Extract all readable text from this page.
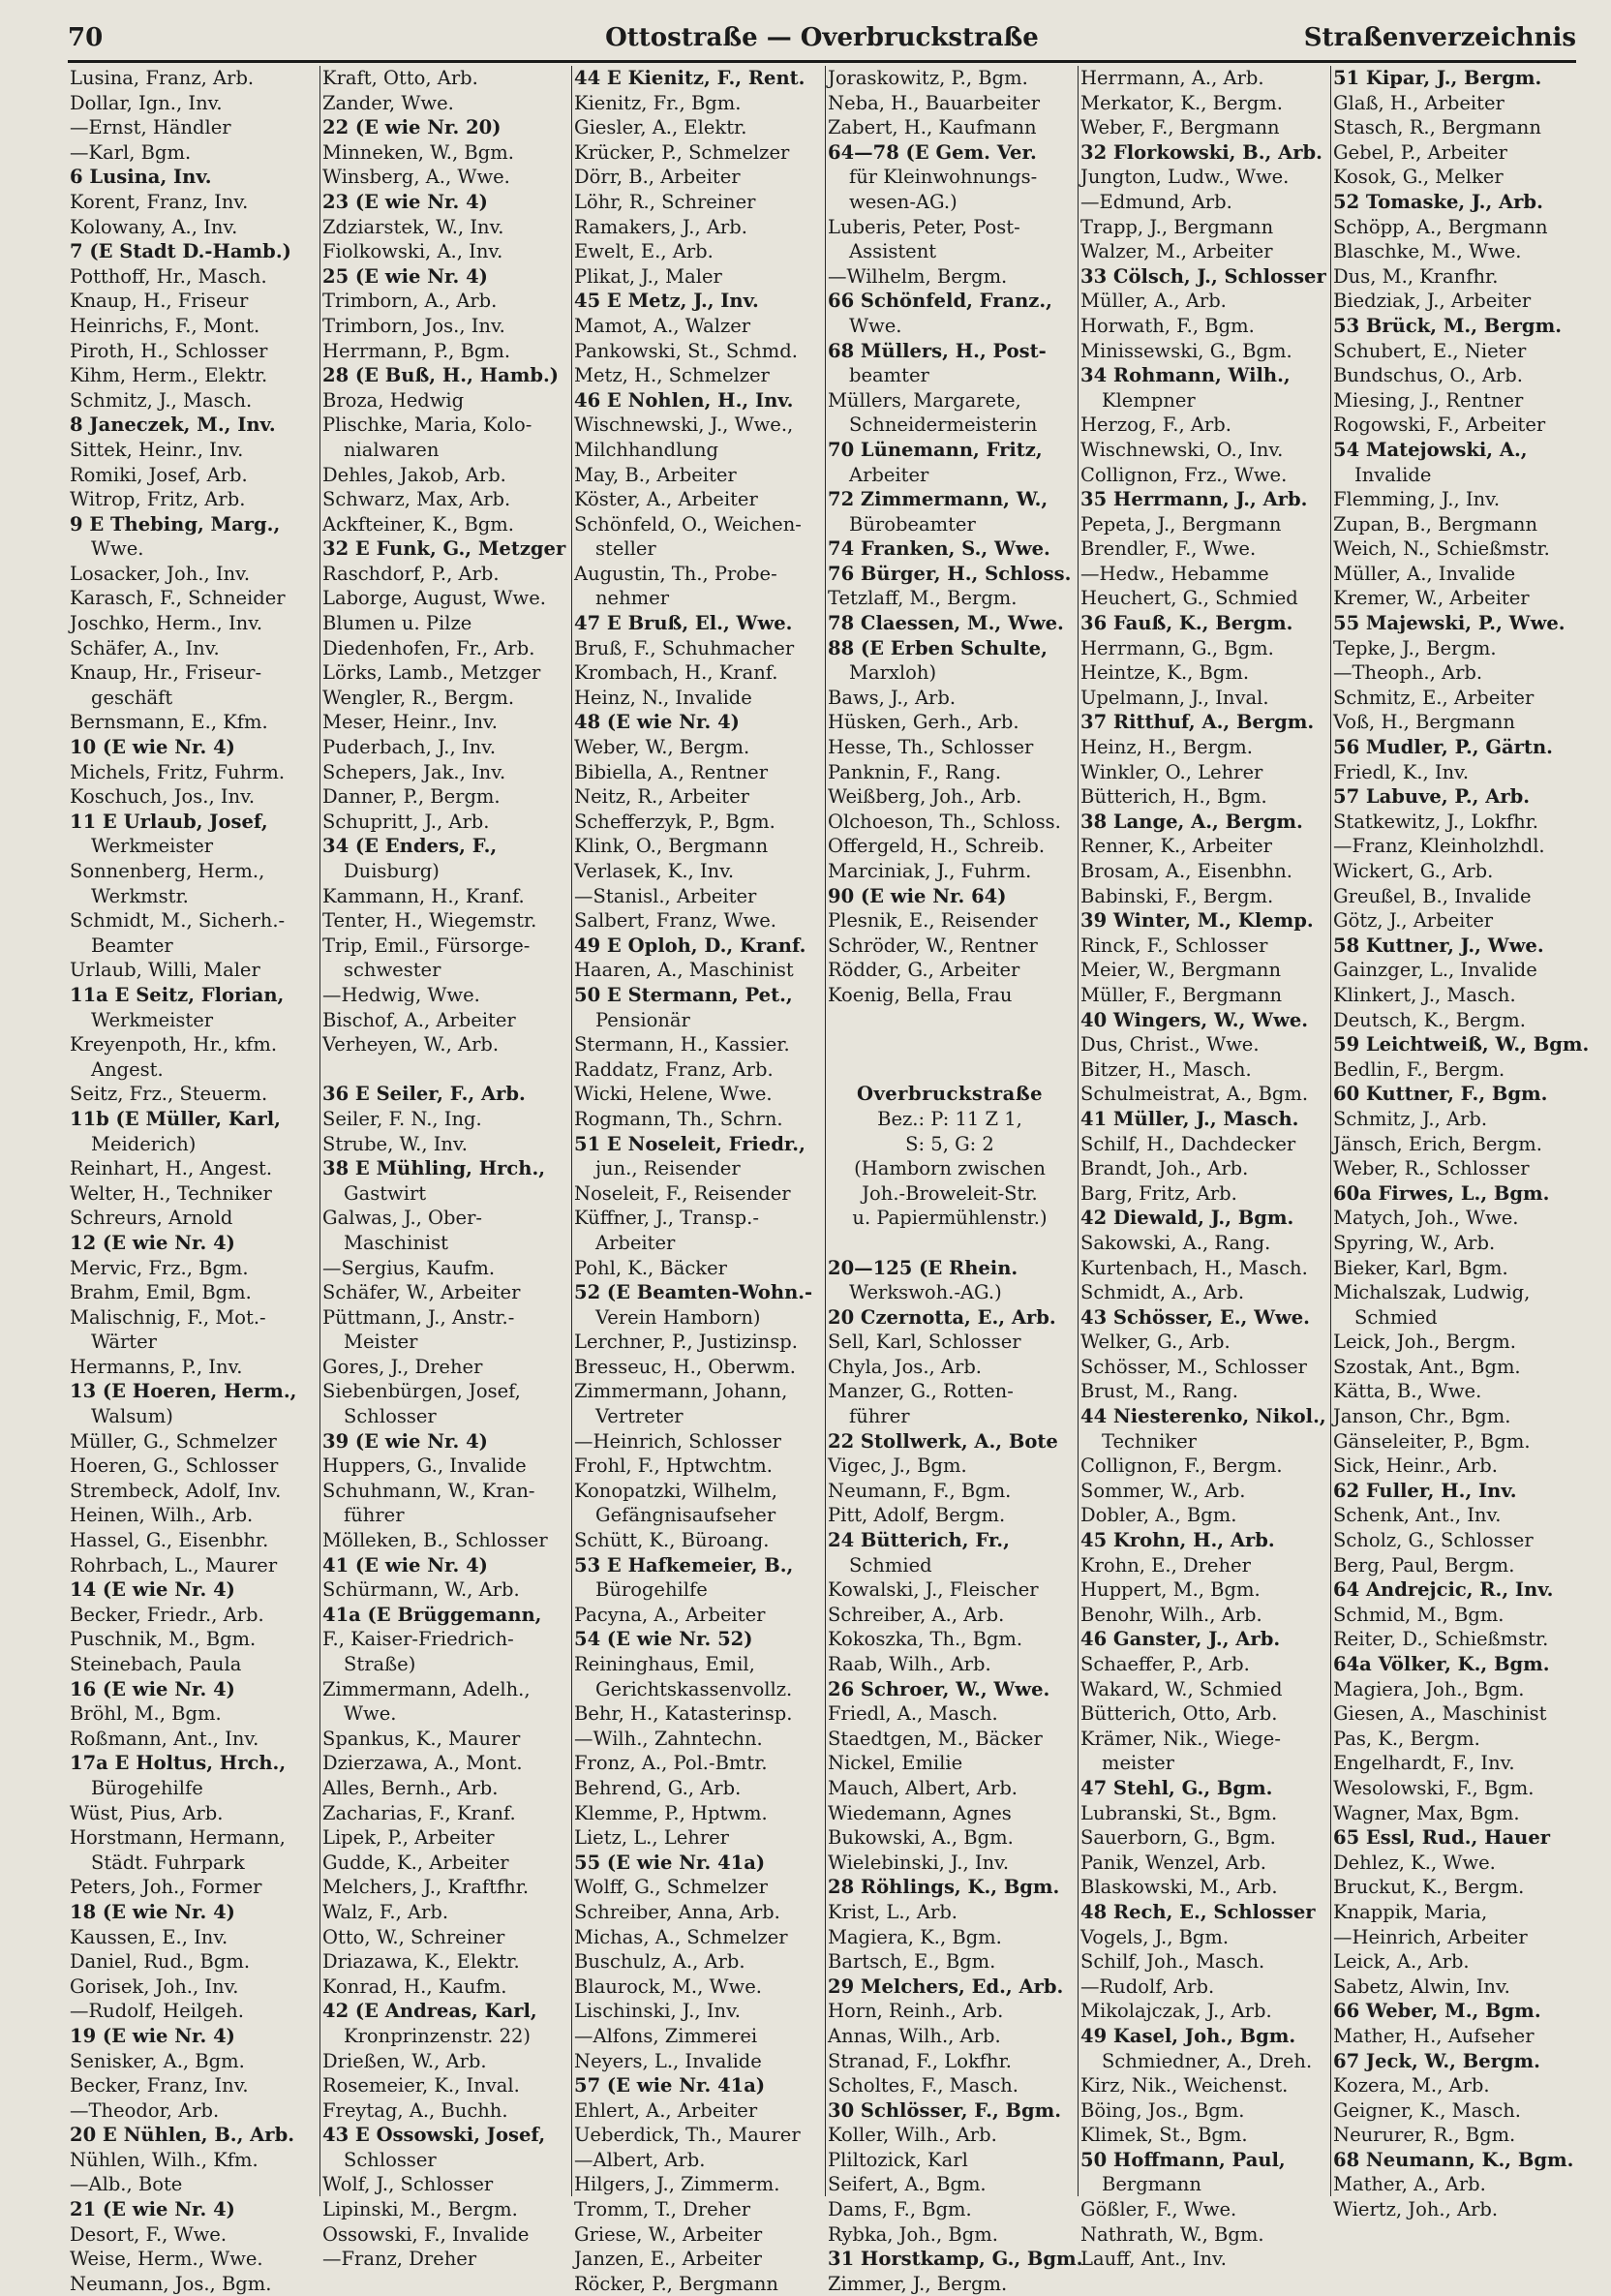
70	Ottostraße — Overbruckstraße	Straßenverzeichnis
Lusina, Franz, Arb.
Dollar, Ign., Inv.
—Ernst, Händler
—Karl, Bgm.
6 Lusina, Inv.
Korent, Franz, Inv.
Kolowany, A., Inv.
7 (E Stadt D.-Hamb.)
Potthoff, Hr., Masch.
Knaup, H., Friseur
Heinrichs, F., Mont.
Piroth, H., Schlosser
Kihm, Herm., Elektr.
Schmitz, J., Masch.
8 Janeczek, M., Inv.
Sittek, Heinr., Inv.
Romiki, Josef, Arb.
Witrop, Fritz, Arb.
9 E Thebing, Marg.,
Wwe.
Losacker, Joh., Inv.
Karasch, F., Schneider
Joschko, Herm., Inv.
Schäfer, A., Inv.
Knaup, Hr., Friseur-
geschäft
Bernsmann, E., Kfm.
10 (E wie Nr. 4)
Michels, Fritz, Fuhrm.
Koschuch, Jos., Inv.
11 E Urlaub, Josef,
Werkmeister
Sonnenberg, Herm.,
Werkmstr.
Schmidt, M., Sicherh.-
Beamter
Urlaub, Willi, Maler
11a E Seitz, Florian,
Werkmeister
Kreyenpoth, Hr., kfm.
Angest.
Seitz, Frz., Steuerm.
11b (E Müller, Karl,
Meiderich)
Reinhart, H., Angest.
Welter, H., Techniker
Schreurs, Arnold
12 (E wie Nr. 4)
Mervic, Frz., Bgm.
Brahm, Emil, Bgm.
Malischnig, F., Mot.-
Wärter
Hermanns, P., Inv.
13 (E Hoeren, Herm.,
Walsum)
Müller, G., Schmelzer
Hoeren, G., Schlosser
Strembeck, Adolf, Inv.
Heinen, Wilh., Arb.
Hassel, G., Eisenbhr.
Rohrbach, L., Maurer
14 (E wie Nr. 4)
Becker, Friedr., Arb.
Puschnik, M., Bgm.
Steinebach, Paula
16 (E wie Nr. 4)
Bröhl, M., Bgm.
Roßmann, Ant., Inv.
17a E Holtus, Hrch.,
Bürogehilfe
Wüst, Pius, Arb.
Horstmann, Hermann,
Städt. Fuhrpark
Peters, Joh., Former
18 (E wie Nr. 4)
Kaussen, E., Inv.
Daniel, Rud., Bgm.
Gorisek, Joh., Inv.
—Rudolf, Heilgeh.
19 (E wie Nr. 4)
Senisker, A., Bgm.
Becker, Franz, Inv.
—Theodor, Arb.
20 E Nühlen, B., Arb.
Nühlen, Wilh., Kfm.
—Alb., Bote
21 (E wie Nr. 4)
Desort, F., Wwe.
Weise, Herm., Wwe.
Neumann, Jos., Bgm.
Kraft, Otto, Arb.
Zander, Wwe.
22 (E wie Nr. 20)
Minneken, W., Bgm.
Winsberg, A., Wwe.
23 (E wie Nr. 4)
Zdziarstek, W., Inv.
Fiolkowski, A., Inv.
25 (E wie Nr. 4)
Trimborn, A., Arb.
Trimborn, Jos., Inv.
Herrmann, P., Bgm.
28 (E Buß, H., Hamb.)
Broza, Hedwig
Plischke, Maria, Kolo-
nialwaren
Dehles, Jakob, Arb.
Schwarz, Max, Arb.
Ackfteiner, K., Bgm.
32 E Funk, G., Metzger
Raschdorf, P., Arb.
Laborge, August, Wwe.
Blumen u. Pilze
Diedenhofen, Fr., Arb.
Lörks, Lamb., Metzger
Wengler, R., Bergm.
Meser, Heinr., Inv.
Puderbach, J., Inv.
Schepers, Jak., Inv.
Danner, P., Bergm.
Schupritt, J., Arb.
34 (E Enders, F.,
Duisburg)
Kammann, H., Kranf.
Tenter, H., Wiegemstr.
Trip, Emil., Fürsorge-
schwester
—Hedwig, Wwe.
Bischof, A., Arbeiter
Verheyen, W., Arb.
36 E Seiler, F., Arb.
Seiler, F. N., Ing.
Strube, W., Inv.
38 E Mühling, Hrch.,
Gastwirt
Galwas, J., Ober-
Maschinist
—Sergius, Kaufm.
Schäfer, W., Arbeiter
Püttmann, J., Anstr.-
Meister
Gores, J., Dreher
Siebenbürgen, Josef,
Schlosser
39 (E wie Nr. 4)
Huppers, G., Invalide
Schuhmann, W., Kran-
führer
Mölleken, B., Schlosser
41 (E wie Nr. 4)
Schürmann, W., Arb.
41a (E Brüggemann,
F., Kaiser-Friedrich-
Straße)
Zimmermann, Adelh.,
Wwe.
Spankus, K., Maurer
Dzierzawa, A., Mont.
Alles, Bernh., Arb.
Zacharias, F., Kranf.
Lipek, P., Arbeiter
Gudde, K., Arbeiter
Melchers, J., Kraftfhr.
Walz, F., Arb.
Otto, W., Schreiner
Driazawa, K., Elektr.
Konrad, H., Kaufm.
42 (E Andreas, Karl,
Kronprinzenstr. 22)
Drießen, W., Arb.
Rosemeier, K., Inval.
Freytag, A., Buchh.
43 E Ossowski, Josef,
Schlosser
Wolf, J., Schlosser
Lipinski, M., Bergm.
Ossowski, F., Invalide
—Franz, Dreher
44 E Kienitz, F., Rent.
Kienitz, Fr., Bgm.
Giesler, A., Elektr.
Krücker, P., Schmelzer
Dörr, B., Arbeiter
Löhr, R., Schreiner
Ramakers, J., Arb.
Ewelt, E., Arb.
Plikat, J., Maler
45 E Metz, J., Inv.
Mamot, A., Walzer
Pankowski, St., Schmd.
Metz, H., Schmelzer
46 E Nohlen, H., Inv.
Wischnewski, J., Wwe.,
Milchhandlung
May, B., Arbeiter
Köster, A., Arbeiter
Schönfeld, O., Weichen-
steller
Augustin, Th., Probe-
nehmer
47 E Bruß, El., Wwe.
Bruß, F., Schuhmacher
Krombach, H., Kranf.
Heinz, N., Invalide
48 (E wie Nr. 4)
Weber, W., Bergm.
Bibiella, A., Rentner
Neitz, R., Arbeiter
Schefferzyk, P., Bgm.
Klink, O., Bergmann
Verlasek, K., Inv.
—Stanisl., Arbeiter
Salbert, Franz, Wwe.
49 E Oploh, D., Kranf.
Haaren, A., Maschinist
50 E Stermann, Pet.,
Pensionär
Stermann, H., Kassier.
Raddatz, Franz, Arb.
Wicki, Helene, Wwe.
Rogmann, Th., Schrn.
51 E Noseleit, Friedr.,
jun., Reisender
Noseleit, F., Reisender
Küffner, J., Transp.-
Arbeiter
Pohl, K., Bäcker
52 (E Beamten-Wohn.-
Verein Hamborn)
Lerchner, P., Justizinsp.
Bresseuc, H., Oberwm.
Zimmermann, Johann,
Vertreter
—Heinrich, Schlosser
Frohl, F., Hptwchtm.
Konopatzki, Wilhelm,
Gefängnisaufseher
Schütt, K., Büroang.
53 E Hafkemeier, B.,
Bürogehilfe
Pacyna, A., Arbeiter
54 (E wie Nr. 52)
Reininghaus, Emil,
Gerichtskassenvollz.
Behr, H., Katasterinsp.
—Wilh., Zahntechn.
Fronz, A., Pol.-Bmtr.
Behrend, G., Arb.
Klemme, P., Hptwm.
Lietz, L., Lehrer
55 (E wie Nr. 41a)
Wolff, G., Schmelzer
Schreiber, Anna, Arb.
Michas, A., Schmelzer
Buschulz, A., Arb.
Blaurock, M., Wwe.
Lischinski, J., Inv.
—Alfons, Zimmerei
Neyers, L., Invalide
57 (E wie Nr. 41a)
Ehlert, A., Arbeiter
Ueberdick, Th., Maurer
—Albert, Arb.
Hilgers, J., Zimmerm.
Tromm, T., Dreher
Griese, W., Arbeiter
Janzen, E., Arbeiter
Röcker, P., Bergmann
Joraskowitz, P., Bgm.
Neba, H., Bauarbeiter
Zabert, H., Kaufmann
64—78 (E Gem. Ver.
für Kleinwohnungs-
wesen-AG.)
Luberis, Peter, Post-
Assistent
—Wilhelm, Bergm.
66 Schönfeld, Franz.,
Wwe.
68 Müllers, H., Post-
beamter
Müllers, Margarete,
Schneidermeisterin
70 Lünemann, Fritz,
Arbeiter
72 Zimmermann, W.,
Bürobeamter
74 Franken, S., Wwe.
76 Bürger, H., Schloss.
Tetzlaff, M., Bergm.
78 Claessen, M., Wwe.
88 (E Erben Schulte,
Marxloh)
Baws, J., Arb.
Hüsken, Gerh., Arb.
Hesse, Th., Schlosser
Panknin, F., Rang.
Weißberg, Joh., Arb.
Olchoeson, Th., Schloss.
Offergeld, H., Schreib.
Marciniak, J., Fuhrm.
90 (E wie Nr. 64)
Plesnik, E., Reisender
Schröder, W., Rentner
Rödder, G., Arbeiter
Koenig, Bella, Frau
Overbruckstraße
Bez.: P: 11 Z 1,
S: 5, G: 2
(Hamborn zwischen
Joh.-Broweleit-Str.
u. Papiermühlenstr.)
20—125 (E Rhein.
Werkswoh.-AG.)
20 Czernotta, E., Arb.
Sell, Karl, Schlosser
Chyla, Jos., Arb.
Manzer, G., Rotten-
führer
22 Stollwerk, A., Bote
Vigec, J., Bgm.
Neumann, F., Bgm.
Pitt, Adolf, Bergm.
24 Bütterich, Fr.,
Schmied
Kowalski, J., Fleischer
Schreiber, A., Arb.
Kokoszka, Th., Bgm.
Raab, Wilh., Arb.
26 Schroer, W., Wwe.
Friedl, A., Masch.
Staedtgen, M., Bäcker
Nickel, Emilie
Mauch, Albert, Arb.
Wiedemann, Agnes
Bukowski, A., Bgm.
Wielebinski, J., Inv.
28 Röhlings, K., Bgm.
Krist, L., Arb.
Magiera, K., Bgm.
Bartsch, E., Bgm.
29 Melchers, Ed., Arb.
Horn, Reinh., Arb.
Annas, Wilh., Arb.
Stranad, F., Lokfhr.
Scholtes, F., Masch.
30 Schlösser, F., Bgm.
Koller, Wilh., Arb.
Pliltozick, Karl
Seifert, A., Bgm.
Dams, F., Bgm.
Rybka, Joh., Bgm.
31 Horstkamp, G., Bgm.
Zimmer, J., Bergm.
Herrmann, A., Arb.
Merkator, K., Bergm.
Weber, F., Bergmann
32 Florkowski, B., Arb.
Jungton, Ludw., Wwe.
—Edmund, Arb.
Trapp, J., Bergmann
Walzer, M., Arbeiter
33 Cölsch, J., Schlosser
Müller, A., Arb.
Horwath, F., Bgm.
Minissewski, G., Bgm.
34 Rohmann, Wilh.,
Klempner
Herzog, F., Arb.
Wischnewski, O., Inv.
Collignon, Frz., Wwe.
35 Herrmann, J., Arb.
Pepeta, J., Bergmann
Brendler, F., Wwe.
—Hedw., Hebamme
Heuchert, G., Schmied
36 Fauß, K., Bergm.
Herrmann, G., Bgm.
Heintze, K., Bgm.
Upelmann, J., Inval.
37 Ritthuf, A., Bergm.
Heinz, H., Bergm.
Winkler, O., Lehrer
Bütterich, H., Bgm.
38 Lange, A., Bergm.
Renner, K., Arbeiter
Brosam, A., Eisenbhn.
Babinski, F., Bergm.
39 Winter, M., Klemp.
Rinck, F., Schlosser
Meier, W., Bergmann
Müller, F., Bergmann
40 Wingers, W., Wwe.
Dus, Christ., Wwe.
Bitzer, H., Masch.
Schulmeistrat, A., Bgm.
41 Müller, J., Masch.
Schilf, H., Dachdecker
Brandt, Joh., Arb.
Barg, Fritz, Arb.
42 Diewald, J., Bgm.
Sakowski, A., Rang.
Kurtenbach, H., Masch.
Schmidt, A., Arb.
43 Schösser, E., Wwe.
Welker, G., Arb.
Schösser, M., Schlosser
Brust, M., Rang.
44 Niesterenko, Nikol.,
Techniker
Collignon, F., Bergm.
Sommer, W., Arb.
Dobler, A., Bgm.
45 Krohn, H., Arb.
Krohn, E., Dreher
Huppert, M., Bgm.
Benohr, Wilh., Arb.
46 Ganster, J., Arb.
Schaeffer, P., Arb.
Wakard, W., Schmied
Bütterich, Otto, Arb.
Krämer, Nik., Wiege-
meister
47 Stehl, G., Bgm.
Lubranski, St., Bgm.
Sauerborn, G., Bgm.
Panik, Wenzel, Arb.
Blaskowski, M., Arb.
48 Rech, E., Schlosser
Vogels, J., Bgm.
Schilf, Joh., Masch.
—Rudolf, Arb.
Mikolajczak, J., Arb.
49 Kasel, Joh., Bgm.
Schmiedner, A., Dreh.
Kirz, Nik., Weichenst.
Böing, Jos., Bgm.
Klimek, St., Bgm.
50 Hoffmann, Paul,
Bergmann
Gößler, F., Wwe.
Nathrath, W., Bgm.
Lauff, Ant., Inv.
51 Kipar, J., Bergm.
Glaß, H., Arbeiter
Stasch, R., Bergmann
Gebel, P., Arbeiter
Kosok, G., Melker
52 Tomaske, J., Arb.
Schöpp, A., Bergmann
Blaschke, M., Wwe.
Dus, M., Kranfhr.
Biedziak, J., Arbeiter
53 Brück, M., Bergm.
Schubert, E., Nieter
Bundschus, O., Arb.
Miesing, J., Rentner
Rogowski, F., Arbeiter
54 Matejowski, A.,
Invalide
Flemming, J., Inv.
Zupan, B., Bergmann
Weich, N., Schießmstr.
Müller, A., Invalide
Kremer, W., Arbeiter
55 Majewski, P., Wwe.
Tepke, J., Bergm.
—Theoph., Arb.
Schmitz, E., Arbeiter
Voß, H., Bergmann
56 Mudler, P., Gärtn.
Friedl, K., Inv.
57 Labuve, P., Arb.
Statkewitz, J., Lokfhr.
—Franz, Kleinholzhdl.
Wickert, G., Arb.
Greußel, B., Invalide
Götz, J., Arbeiter
58 Kuttner, J., Wwe.
Gainzger, L., Invalide
Klinkert, J., Masch.
Deutsch, K., Bergm.
59 Leichtweiß, W., Bgm.
Bedlin, F., Bergm.
60 Kuttner, F., Bgm.
Schmitz, J., Arb.
Jänsch, Erich, Bergm.
Weber, R., Schlosser
60a Firwes, L., Bgm.
Matych, Joh., Wwe.
Spyring, W., Arb.
Bieker, Karl, Bgm.
Michalszak, Ludwig,
Schmied
Leick, Joh., Bergm.
Szostak, Ant., Bgm.
Kätta, B., Wwe.
Janson, Chr., Bgm.
Gänseleiter, P., Bgm.
Sick, Heinr., Arb.
62 Fuller, H., Inv.
Schenk, Ant., Inv.
Scholz, G., Schlosser
Berg, Paul, Bergm.
64 Andrejcic, R., Inv.
Schmid, M., Bgm.
Reiter, D., Schießmstr.
64a Völker, K., Bgm.
Magiera, Joh., Bgm.
Giesen, A., Maschinist
Pas, K., Bergm.
Engelhardt, F., Inv.
Wesolowski, F., Bgm.
Wagner, Max, Bgm.
65 Essl, Rud., Hauer
Dehlez, K., Wwe.
Bruckut, K., Bergm.
Knappik, Maria,
—Heinrich, Arbeiter
Leick, A., Arb.
Sabetz, Alwin, Inv.
66 Weber, M., Bgm.
Mather, H., Aufseher
67 Jeck, W., Bergm.
Kozera, M., Arb.
Geigner, K., Masch.
Neururer, R., Bgm.
68 Neumann, K., Bgm.
Mather, A., Arb.
Wiertz, Joh., Arb.
